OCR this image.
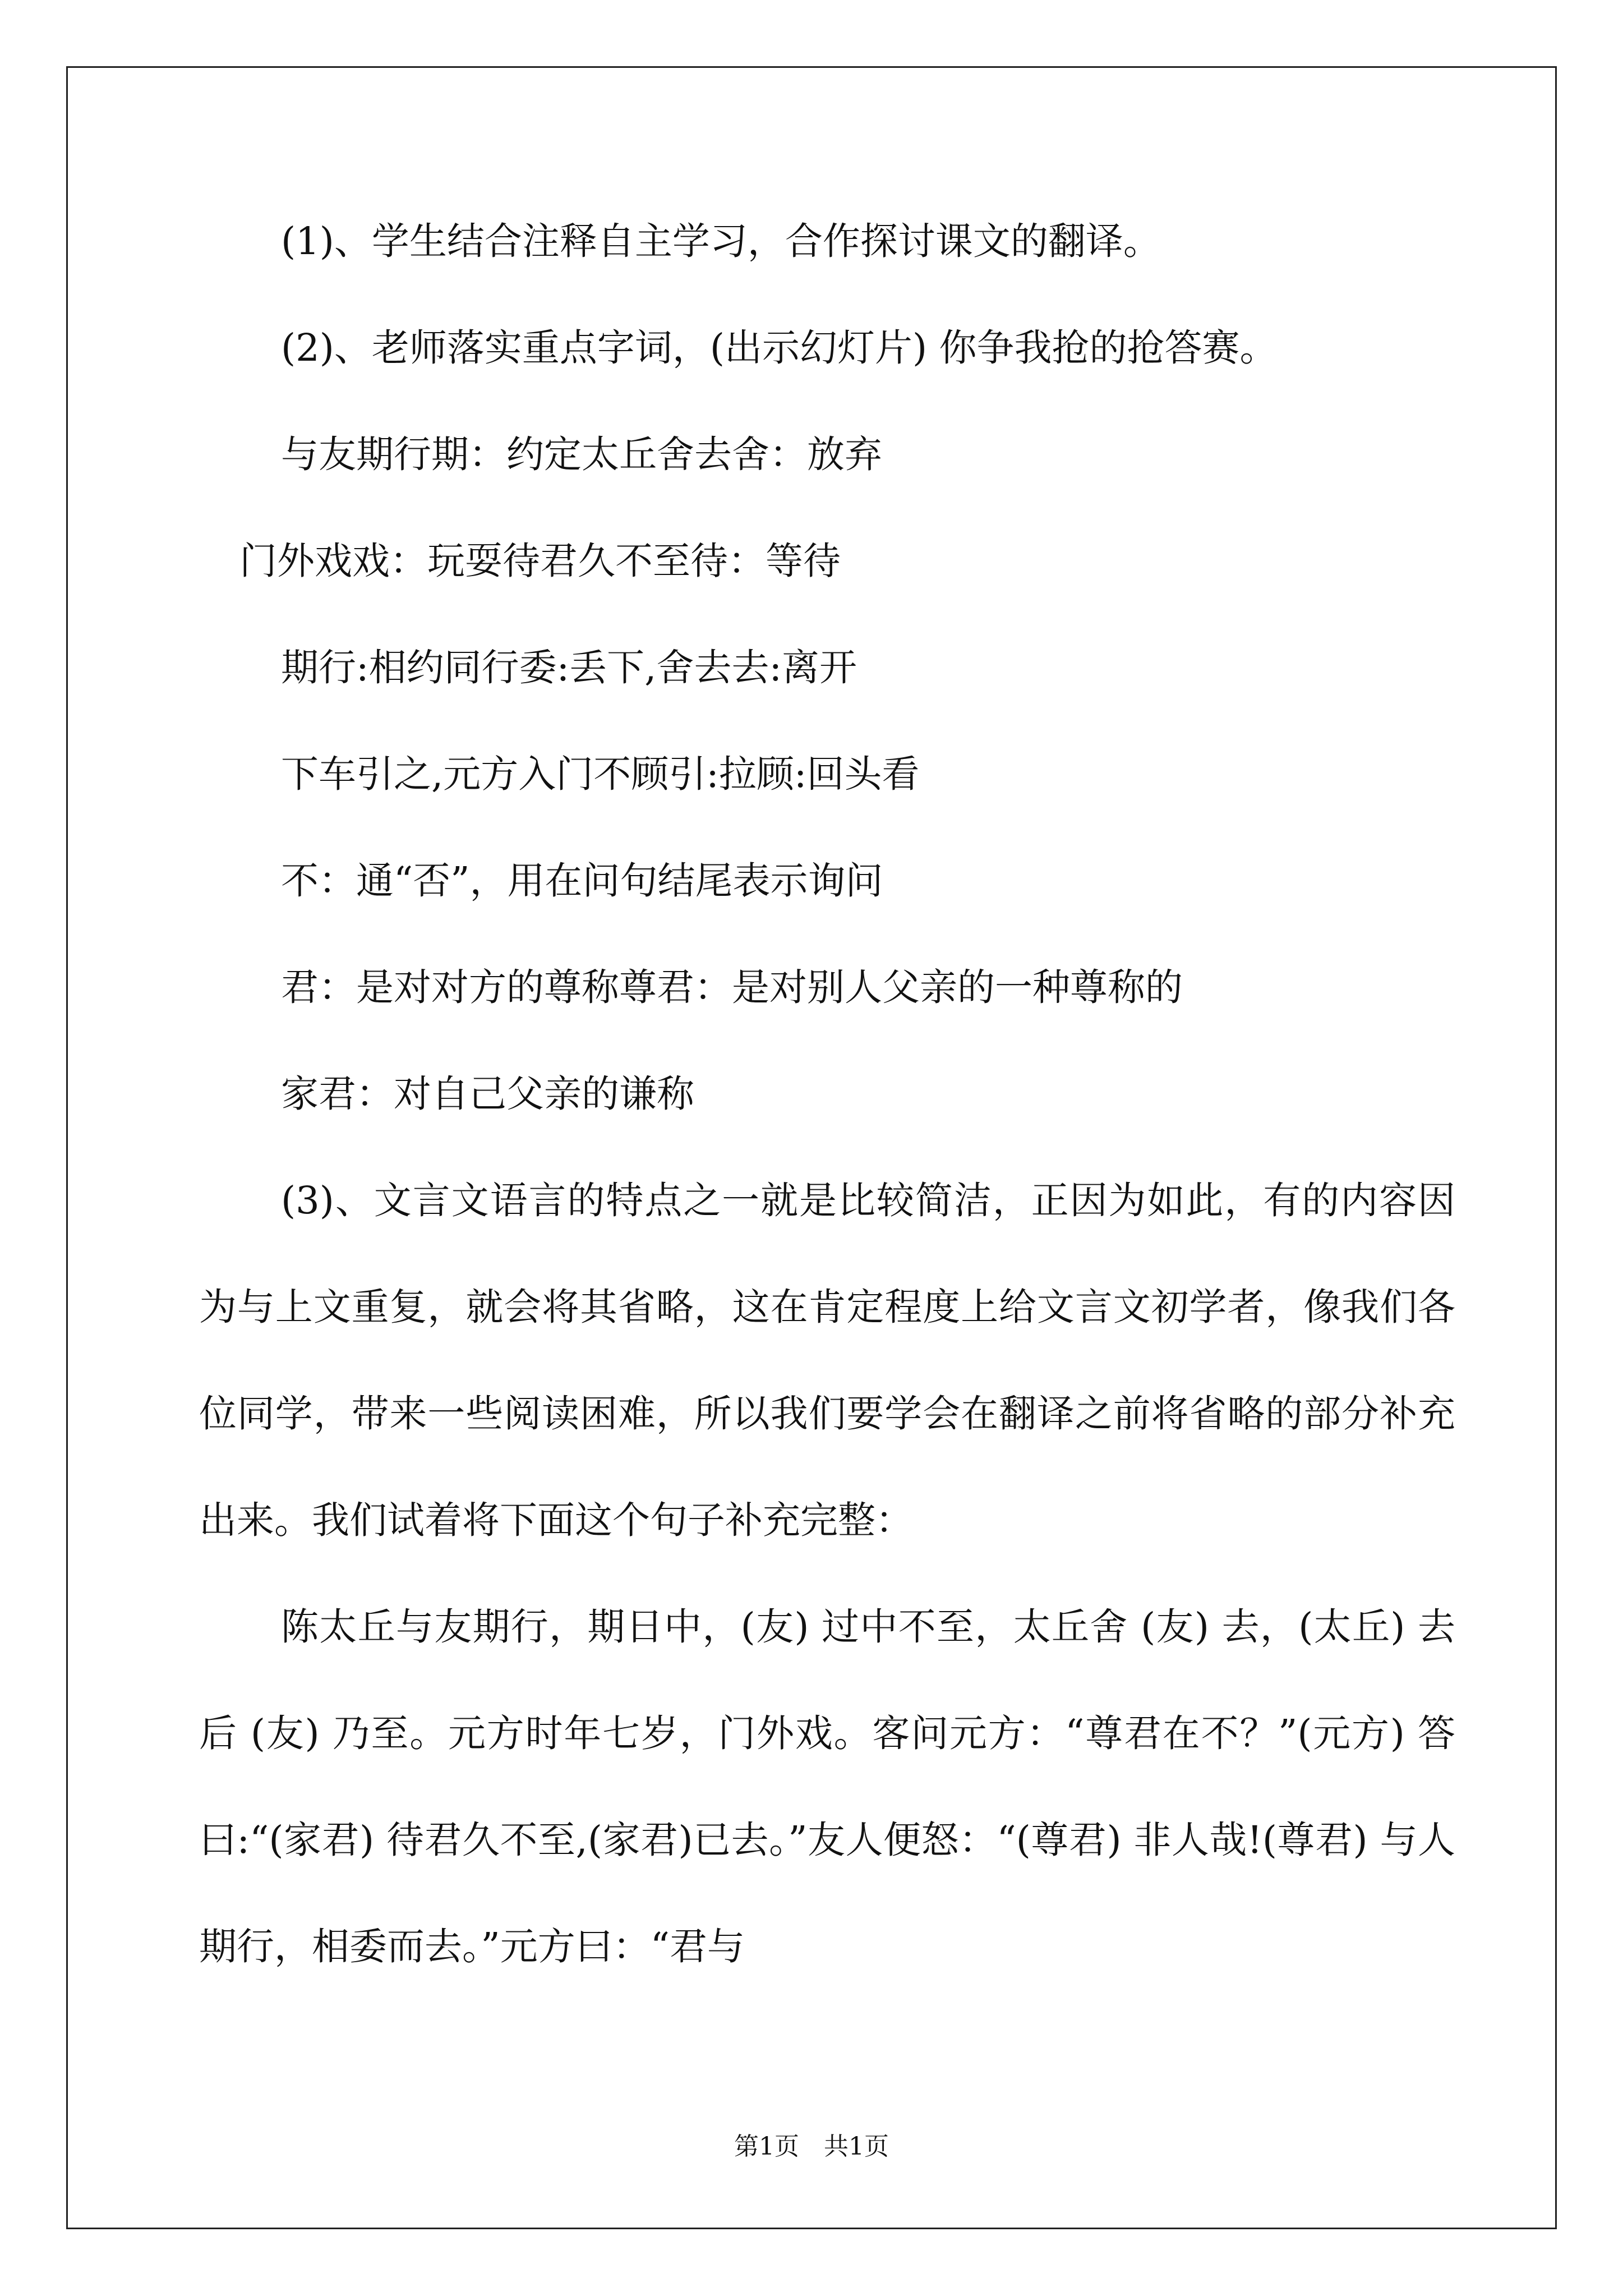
(1)、学生结合注释自主学习，合作探讨课文的翻译。
(2)、老师落实重点字词，(出示幻灯片) 你争我抢的抢答赛。
与友期行期：约定太丘舍去舍：放弃
门外戏戏：玩耍待君久不至待：等待
期行:相约同行委:丢下,舍去去:离开
下车引之,元方入门不顾引:拉顾:回头看
不：通“否”，用在问句结尾表示询问
君：是对对方的尊称尊君：是对别人父亲的一种尊称的
家君：对自己父亲的谦称
(3)、文言文语言的特点之一就是比较简洁，正因为如此，有的内容因为与上文重复，就会将其省略，这在肯定程度上给文言文初学者，像我们各位同学，带来一些阅读困难，所以我们要学会在翻译之前将省略的部分补充出来。我们试着将下面这个句子补充完整：
陈太丘与友期行，期日中，(友) 过中不至，太丘舍 (友) 去，(太丘) 去后 (友) 乃至。元方时年七岁，门外戏。客问元方：“尊君在不？”(元方) 答曰:“(家君) 待君久不至,(家君)已去。”友人便怒：“(尊君) 非人哉!(尊君) 与人期行，相委而去。”元方曰：“君与
第1页　共1页
